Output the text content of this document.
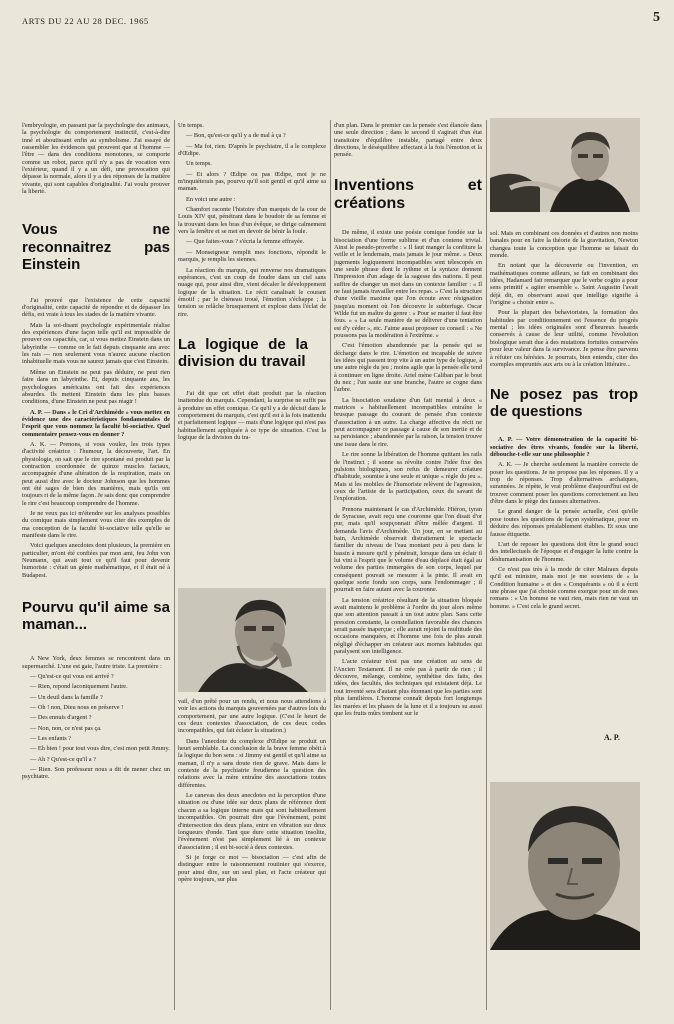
ARTS DU 22 AU 28 DEC. 1965	5

l'embryologie, en passant par la psychologie des animaux, la psychologie du comportement instinctif, c'est-à-dire inné et aboutissant enfin au symbolisme. J'ai essayé de rassembler les évidences qui prouvent que si l'homme — l'être — dans des conditions monotones, se comporte comme un robot, parce qu'il n'y a pas de vocation vers l'extérieur, quand il y a un défi, une provocation qui dépasse la normale, alors il y a des réponses de la matière vivante, qui sont capables d'originalité. J'ai voulu prouver la liberté.

Vous ne reconnaitrez pas Einstein

J'ai prouvé que l'existence de cette capacité d'originalité, cette capacité de répondre et de dépasser les défis, est vraie à tous les stades de la matière vivante.

Mais la soi-disant psychologie expérimentale réalise des expériences d'une façon telle qu'il est impossible de prouver ces capacités, car, si vous mettez Einstein dans un labyrinthe — comme on le fait depuis cinquante ans avec les rats — non seulement vous n'aurez aucune réaction inhabituelle mais vous ne saurez jamais que c'est Einstein.

Même un Einstein ne peut pas déduire, ne peut rien faire dans un labyrinthe. Et, depuis cinquante ans, les psychologues américains ont fait des expériences absurdes. Ils mettent Einstein dans les plus basses conditions, d'une Einstein ne peut pas réagir !

A. P. — Dans « le Cri d'Archimède » vous mettez en évidence une des caractéristiques fondamentales de l'esprit que vous nommez la faculté bi-sociative. Quel commentaire pensez-vous en donner ?

A. K. — Prenons, si vous voulez, les trois types d'activité créatrice : l'humour, la découverte, l'art. En physiologie, on sait que le rire spontané est produit par la contraction coordonnée de quinze muscles faciaux, accompagnée d'une altération de la respiration, mais on peut aussi dire avec le docteur Johnson que les hommes ont été sages de bien des manières, mais qu'ils ont toujours ri de la même façon. Je sais donc que comprendre le rire c'est beaucoup comprendre de l'homme.

Je ne veux pas ici m'étendre sur les analyses possibles du comique mais simplement vous citer des exemples de ma conception de la faculté bi-sociative telle qu'elle se manifeste dans le rire.

Voici quelques anecdotes dont plusieurs, la première en particulier, m'ont été confiées par mon ami, feu John von Neumann, qui avait tout ce qu'il faut pour devenir humoriste : c'était un génie mathématique, et il était né à Budapest.

Pourvu qu'il aime sa maman...

A New York, deux femmes se rencontrent dans un supermarché. L'une est gaie, l'autre triste. La première :

— Qu'est-ce qui vous est arrivé ?

— Rien, repond laconiquement l'autre.

— Un deuil dans la famille ?

— Oh ! non, Dieu nous en préserve !

— Des ennuis d'argent ?

— Non, non, ce n'est pas ça.

— Les enfants ?

— Eh bien ! pour tout vous dire, c'est mon petit Jimmy.

— Ah ? Qu'est-ce qu'il a ?

— Rien. Son professeur nous a dit de mener chez un psychiatre.

Un temps.

— Bon, qu'est-ce qu'il y a de mal à ça ?

— Ma foi, rien. D'après le psychiatre, il a le complexe d'Œdipe.

Un temps.

— Et alors ? Œdipe ou pas Œdipe, moi je ne m'inquiéterais pas, pourvu qu'il soit gentil et qu'il aime sa maman.

En voici une autre :

Chamfort raconte l'histoire d'un marquis de la cour de Louis XIV qui, pénétrant dans le boudoir de sa femme et la trouvant dans les bras d'un évêque, se dirige calmement vers la fenêtre et se met en devoir de bénir la foule.

— Que faites-vous ? s'écria la femme effrayée.

— Monseigneur remplit mes fonctions, répondit le marquis, je remplis les siennes.

La réaction du marquis, qui renverse nos dramatiques espérances, c'est un coup de foudre dans un ciel sans nuage qui, pour ainsi dire, vient décaler le développement logique de la situation. Le récit canalisait le courant émotif ; par le chéneau troué, l'émotion s'échappe ; la tension se relâche brusquement et explose dans l'éclat de rire.

La logique de la division du travail

J'ai dit que cet effet était produit par la réaction inattendue du marquis. Cependant, la surprise ne suffit pas à produire un effet comique. Ce qu'il y a de décisif dans le comportement du marquis, c'est qu'il est à la fois inattendu et parfaitement logique — mais d'une logique qui n'est pas habituellement appliquée à ce type de situation. C'est la logique de la division du tra-

vail, d'un prêté pour un rendu, et nous nous attendions à voir les actions du marquis gouvernées par d'autres lois du comportement, par une autre logique. (C'est le heurt de ces deux contextes d'association, de ces deux codes incompatibles, qui fait éclater la situation.)

Dans l'anecdote du complexe d'Œdipe se produit un heurt semblable. La conclusion de la brave femme obéit à la logique du bon sens : si Jimmy est gentil et qu'il aime sa maman, il n'y a sans doute rien de grave. Mais dans le contexte de la psychiatrie freudienne la question des relations avec la mère entraîne des associations toutes différentes.

Le canevas des deux anecdotes est la perception d'une situation ou d'une idée sur deux plans de référence dont chacun a sa logique interne mais qui sont habituellement incompatibles. On pourrait dire que l'événement, point d'intersection des deux plans, entre en vibration sur deux longueurs d'onde. Tant que dure cette situation insolite, l'événement n'est pas simplement lié à un contexte d'association ; il est bi-socié à deux contextes.

Si je forge ce mot — bisociation — c'est afin de distinguer entre le raisonnement routinier qui s'exerce, pour ainsi dire, sur un seul plan, et l'acte créateur qui opère toujours, sur plus

d'un plan. Dans le premier cas la pensée s'est élancée dans une seule direction ; dans le second il s'agirait d'un état transitoire d'équilibre instable, partagé entre deux directions, le déséquilibre affectant à la fois l'émotion et la pensée.

Inventions et créations

De même, il existe une poésie comique fondée sur la bisociation d'une forme sublime et d'un contenu trivial. Ainsi le pseudo-proverbe : « Il faut manger la confiture la veille et le lendemain, mais jamais le jour même. » Deux jugements logiquement incompatibles sont télescopés en une seule phrase dont le rythme et la syntaxe donnent l'impression d'un adage de la sagesse des nations. Il peut suffire de changer un mot dans un contexte familier : « Il ne faut jamais travailler entre les repas. » C'est la structure d'une vieille maxime que l'on écoute avec résignation jusqu'au moment où l'on découvre le subterfuge. Oscar Wilde fut un maître du genre : « Pour se marier il faut être fous. » « La seule manière de se délivrer d'une tentation est d'y céder », etc. J'aime aussi proposer ce conseil : « Ne poussons pas la modération à l'extrême. »

C'est l'émotion abandonnée par la pensée qui se décharge dans le rire. L'émotion est incapable de suivre les idées qui passent trop vite à un autre type de logique, à une autre règle du jeu ; moins agile que la pensée elle tend à continuer en ligne droite. Ariel mène Caliban par le bout du nez ; l'un saute sur une branche, l'autre se cogne dans l'arbre.

La bisociation soudaine d'un fait mental à deux « matrices » habituellement incompatibles entraîne le brusque passage du courant de pensée d'un contexte d'association à un autre. La charge affective du récit ne peut accompagner ce passage à cause de son inertie et de sa persistance ; abandonnée par la raison, la tension trouve une issue dans le rire.

Le rire sonne la libération de l'homme quittant les rails de l'instinct ; il sonne sa révolte contre l'idée fixe des pulsions biologiques, son refus de demeurer créature d'habitude, soumise à une seule et unique « règle du jeu ». Mais si les mobiles de l'humoriste relèvent de l'agression, ceux de l'artiste de la participation, ceux du savant de l'exploration.

Prenons maintenant le cas d'Archimède. Hiéron, tyran de Syracuse, avait reçu une couronne que l'on disait d'or pur, mais qu'il soupçonnait d'être mêlée d'argent. Il demanda l'avis d'Archimède. Un jour, en se mettant au bain, Archimède observait distraitement le spectacle familier du niveau de l'eau montant peu à peu dans le bassin à mesure qu'il y pénétrait, lorsque dans un éclair il lui vint à l'esprit que le volume d'eau déplacé était égal au volume des parties immergées de son corps, lequel par conséquent pouvait se mesurer à la pinte. Il avait en quelque sorte fondu son corps, sans l'endommager ; il pourrait en faire autant avec la couronne.

La tension créatrice résultant de la situation bloquée avait maintenu le problème à l'ordre du jour alors même que son attention passait à un tout autre plan. Sans cette pression constante, la constellation favorable des chances serait passée inaperçue ; elle aurait rejoint la multitude des occasions manquées, et l'homme une fois de plus aurait négligé d'échapper en créateur aux mornes habitudes qui paralysent son intelligence.

L'acte créateur n'est pas une création au sens de l'Ancien Testament. Il ne crée pas à partir de rien ; il découvre, mélange, combine, synthétise des faits, des idées, des facultés, des techniques qui existaient déjà. Le tout inventé sera d'autant plus étonnant que les parties sont plus familières. L'homme connaît depuis fort longtemps les marées et les phases de la lune et il a toujours su aussi que les fruits mûrs tombent sur le

sol. Mais en combinant ces données et d'autres non moins banales pour en faire la théorie de la gravitation, Newton changea toute la conception que l'homme se faisait du monde.

En notant que la découverte ou l'invention, en mathématiques comme ailleurs, se fait en combinant des idées, Hadamard fait remarquer que le verbe cogito a pour sens primitif « agiter ensemble ». Saint Augustin l'avait déjà dit, en observant aussi que intelligo signifie à l'origine « choisir entre ».

Pour la plupart des behavioristes, la formation des habitudes par conditionnement est l'essence du progrès mental ; les idées originales sont d'heureux hasards conservés à cause de leur utilité, comme l'évolution biologique serait due à des mutations fortuites conservées pour leur valeur dans la survivance. Je pense être parvenu à réfuter ces hérésies. Je pourrais, bien entendu, citer des exemples empruntés aux arts ou à la création littéraire...

Ne posez pas trop de questions

A. P. — Votre démonstration de la capacité bi-sociative des êtres vivants, fondée sur la liberté, débouche-t-elle sur une philosophie ?

A. K. — Je cherche seulement la manière correcte de poser les questions. Je ne propose pas les réponses. Il y a trop de réponses. Trop d'alternatives archaïques, surannées. Je répète, le vrai problème d'aujourd'hui est de trouver comment poser les questions correctement au lieu d'être dans le piège des fausses alternatives.

Le grand danger de la pensée actuelle, c'est qu'elle pose toutes les questions de façon systématique, pour en déduire des réponses préalablement établies. Et sous une fausse étiquette.

L'art de reposer les questions doit être le grand souci des intellectuels de l'époque et d'engager la lutte contre la déshumanisation de l'homme.

Ce n'est pas très à la mode de citer Malraux depuis qu'il est ministre, mais moi je me souviens de « la Condition humaine » et des « Conquérants » où il a écrit une phrase que j'ai choisie comme exergue pour un de mes romans : « Un homme ne vaut rien, mais rien ne vaut un homme. » C'est cela le grand secret.

A. P.
